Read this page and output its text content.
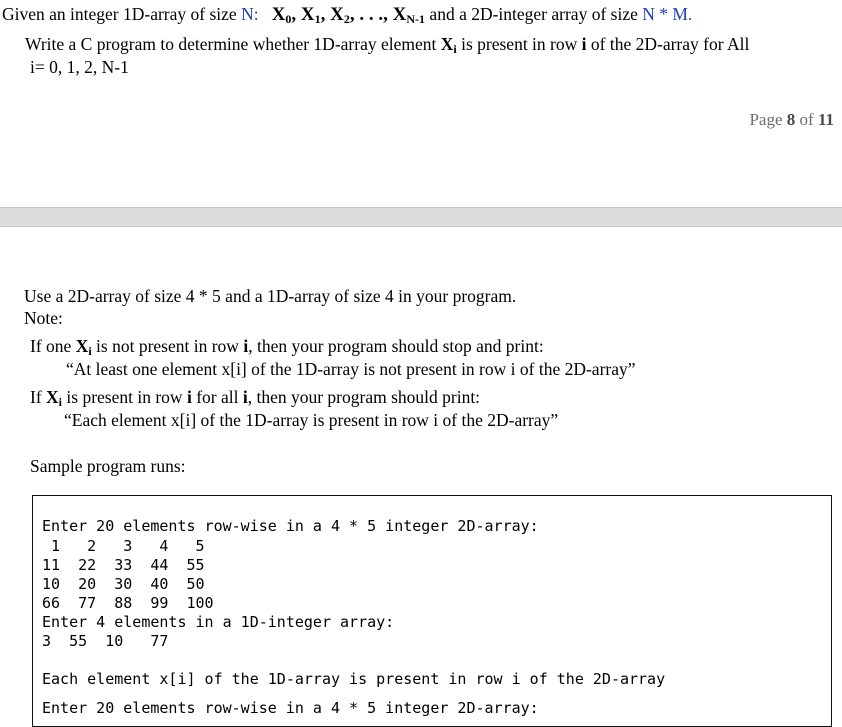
Given an integer 1D-array of size N: $X_0$, $X_1$, $X_2$, . . ., $X_{N-1}$ and a 2D-integer array of size N * M.
Write a C program to determine whether 1D-array element $X_i$ is present in row i of the 2D-array for All
i= 0, 1, 2, N-1
Page 8 of 11
Use a 2D-array of size 4 * 5 and a 1D-array of size 4 in your program.
Note:
If one $X_i$ is not present in row i, then your program should stop and print:
“At least one element x[i] of the 1D-array is not present in row i of the 2D-array”
If $X_i$ is present in row i for all i, then your program should print:
“Each element x[i] of the 1D-array is present in row i of the 2D-array”
Sample program runs:
Enter 20 elements row-wise in a 4 * 5 integer 2D-array:
1   2   3   4   5
11  22  33  44  55
10  20  30  40  50
66  77  88  99  100
Enter 4 elements in a 1D-integer array:
3  55  10   77
Each element x[i] of the 1D-array is present in row i of the 2D-array
Enter 20 elements row-wise in a 4 * 5 integer 2D-array:
